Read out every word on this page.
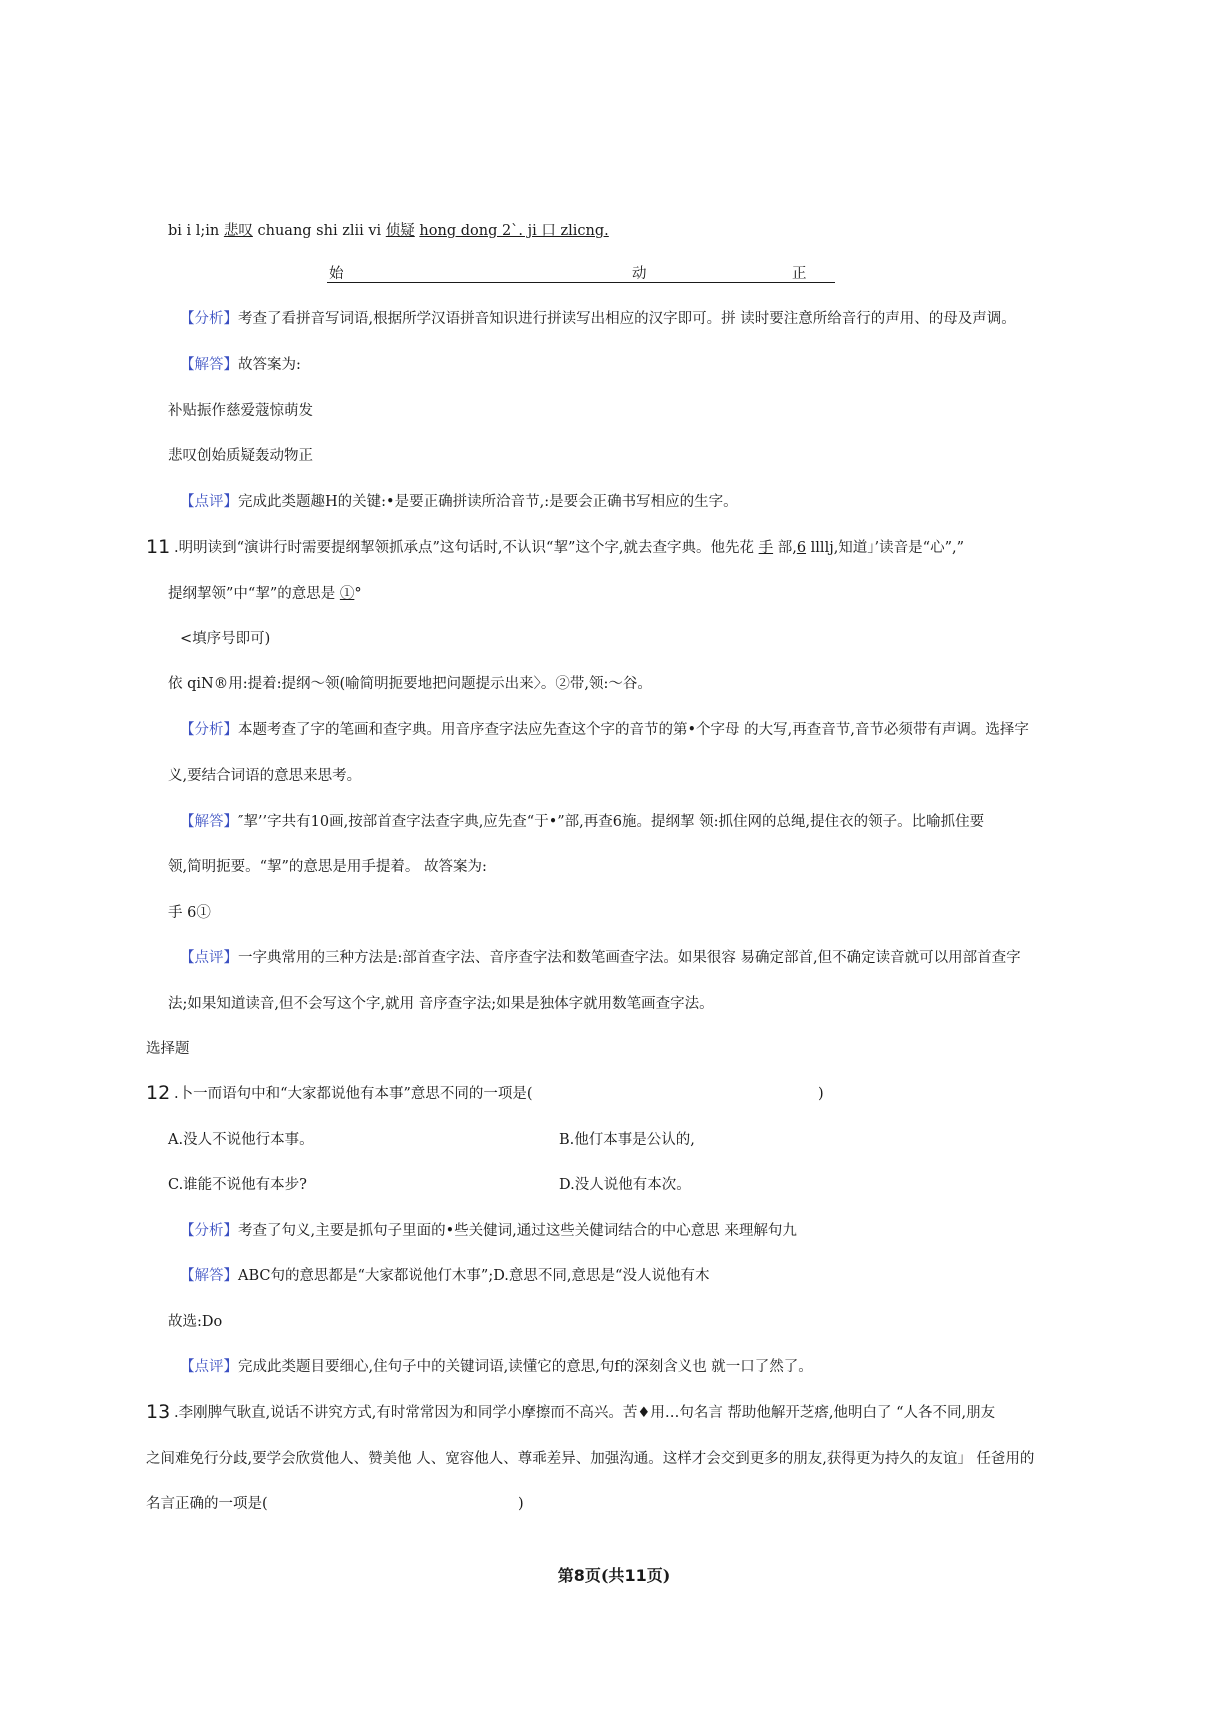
bi i l;in 悲叹 chuang shi zlii vi 侦疑 hong dong 2ˋ. ji 口 zlicng.
始	动	正
【分析】考查了看拼音写词语,根据所学汉语拼音知识进行拼读写出相应的汉字即可。拼 读时要注意所给音行的声用、的母及声调。
【解答】故答案为:
补贴振作慈爱蔻惊萌发
悲叹创始质疑轰动物正
【点评】完成此类题趣H的关键:•是要正确拼读所洽音节,:是要会正确书写相应的生字。
11 .明明读到“演讲行时需要提纲挈领抓承点”这句话时,不认识“挈”这个字,就去查字典。他先花 手 部,6 llllj,知道」’读音是“心”,”
提纲挈领”中“挈”的意思是 ①°
<填序号即可)
依 qiN®用:提着:提纲〜领(喻简明扼要地把问题提示出来〉。②带,领:〜谷。
【分析】本题考查了字的笔画和查字典。用音序查字法应先查这个字的音节的第•个字母 的大写,再查音节,音节必须带有声调。选择字
义,要结合词语的意思来思考。
【解答】″挈’’字共有10画,按部首查字法查字典,应先查“于•”部,再查6施。提纲挈 领:抓住网的总绳,提住衣的领子。比喻抓住要
领,简明扼要。“挈”的意思是用手提着。 故答案为:
手 6①
【点评】一字典常用的三种方法是:部首查字法、音序查字法和数笔画查字法。如果很容 易确定部首,但不确定读音就可以用部首查字
法;如果知道读音,但不会写这个字,就用 音序查字法;如果是独体字就用数笔画查字法。
选择题
12 .卜一而语句中和“大家都说他有本事”意思不同的一项是(	)
A.没人不说他行本事。	B.他仃本事是公认的,
C.谁能不说他有本步?	D.没人说他有本次。
【分析】考查了句义,主要是抓句子里面的•些关健词,通过这些关健词结合的中心意思 来理解句九
【解答】ABC句的意思都是“大家都说他仃木事”;D.意思不同,意思是“没人说他有木
故选:Do
【点评】完成此类题目要细心,住句子中的关键词语,读懂它的意思,句f的深刻含义也 就一口了然了。
13 .李刚脾气耿直,说话不讲究方式,有时常常因为和同学小摩擦而不高兴。苦♦用…句名言 帮助他解开芝瘩,他明白了 “人各不同,朋友
之间难免行分歧,要学会欣赏他人、赞美他 人、宽容他人、尊乖差异、加强沟通。这样才会交到更多的朋友,获得更为持久的友谊」 任爸用的
名言正确的一项是(	)
第8页(共11页)
